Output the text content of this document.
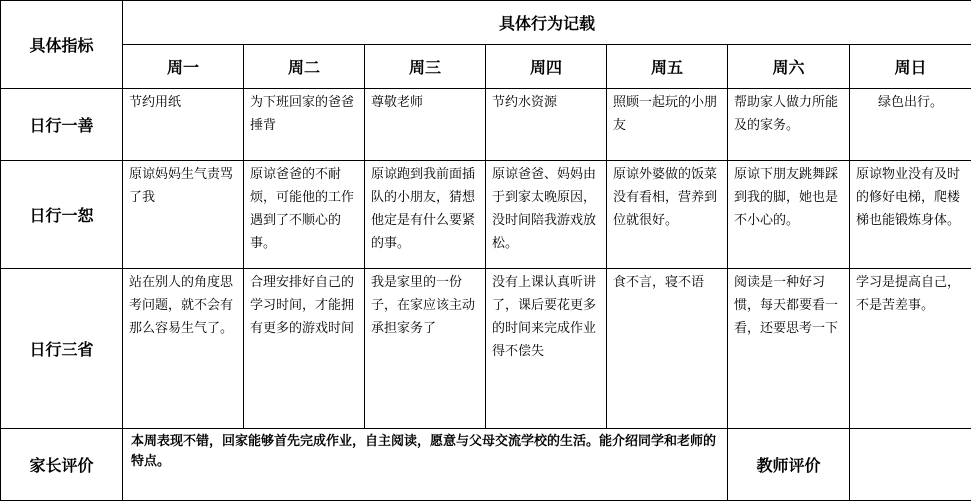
具体指标	具体行为记载						
	周一	周二	周三	周四	周五	周六	周日
日行一善	节约用纸	为下班回家的爸爸捶背	尊敬老师	节约水资源	照顾一起玩的小朋友	帮助家人做力所能及的家务。	绿色出行。
日行一恕	原谅妈妈生气责骂了我	原谅爸爸的不耐烦，可能他的工作遇到了不顺心的事。	原谅跑到我前面插队的小朋友，猜想他定是有什么要紧的事。	原谅爸爸、妈妈由于到家太晚原因，没时间陪我游戏放松。	原谅外婆做的饭菜没有看相，营养到位就很好。	原谅下朋友跳舞踩到我的脚，她也是不小心的。	原谅物业没有及时的修好电梯，爬楼梯也能锻炼身体。
日行三省	站在别人的角度思考问题，就不会有那么容易生气了。	合理安排好自己的学习时间，才能拥有更多的游戏时间	我是家里的一份子，在家应该主动承担家务了	没有上课认真听讲了，课后要花更多的时间来完成作业得不偿失	食不言，寝不语	阅读是一种好习惯，每天都要看一看，还要思考一下	学习是提高自己，不是苦差事。
家长评价	本周表现不错，回家能够首先完成作业，自主阅读，愿意与父母交流学校的生活。能介绍同学和老师的特点。					教师评价	
